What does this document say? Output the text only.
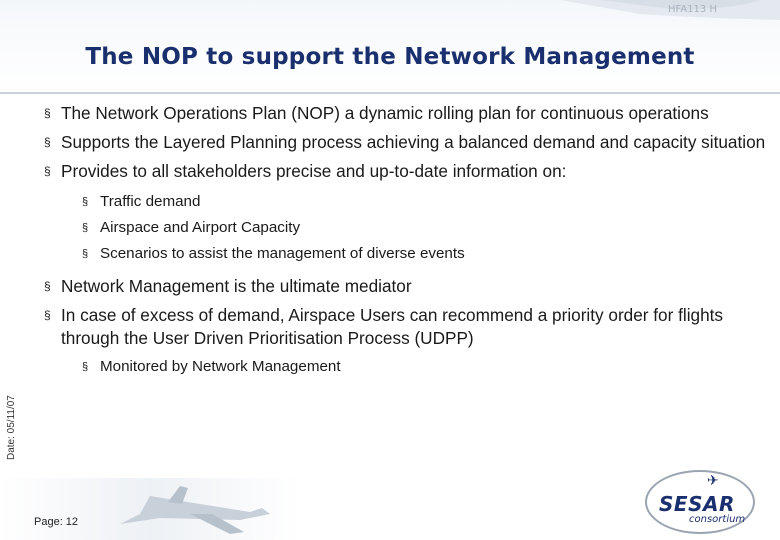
HFA113 H
The NOP to support the Network Management
§ The Network Operations Plan (NOP) a dynamic rolling plan for continuous operations
§ Supports the Layered Planning process achieving a balanced demand and capacity situation
§ Provides to all stakeholders precise and up-to-date information on:
§ Traffic demand
§ Airspace and Airport Capacity
§ Scenarios to assist the management of diverse events
§ Network Management is the ultimate mediator
§ In case of excess of demand, Airspace Users can recommend a priority order for flights through the User Driven Prioritisation Process (UDPP)
§ Monitored by Network Management
Date: 05/11/07
Page: 12
✈
SESAR
consortium
